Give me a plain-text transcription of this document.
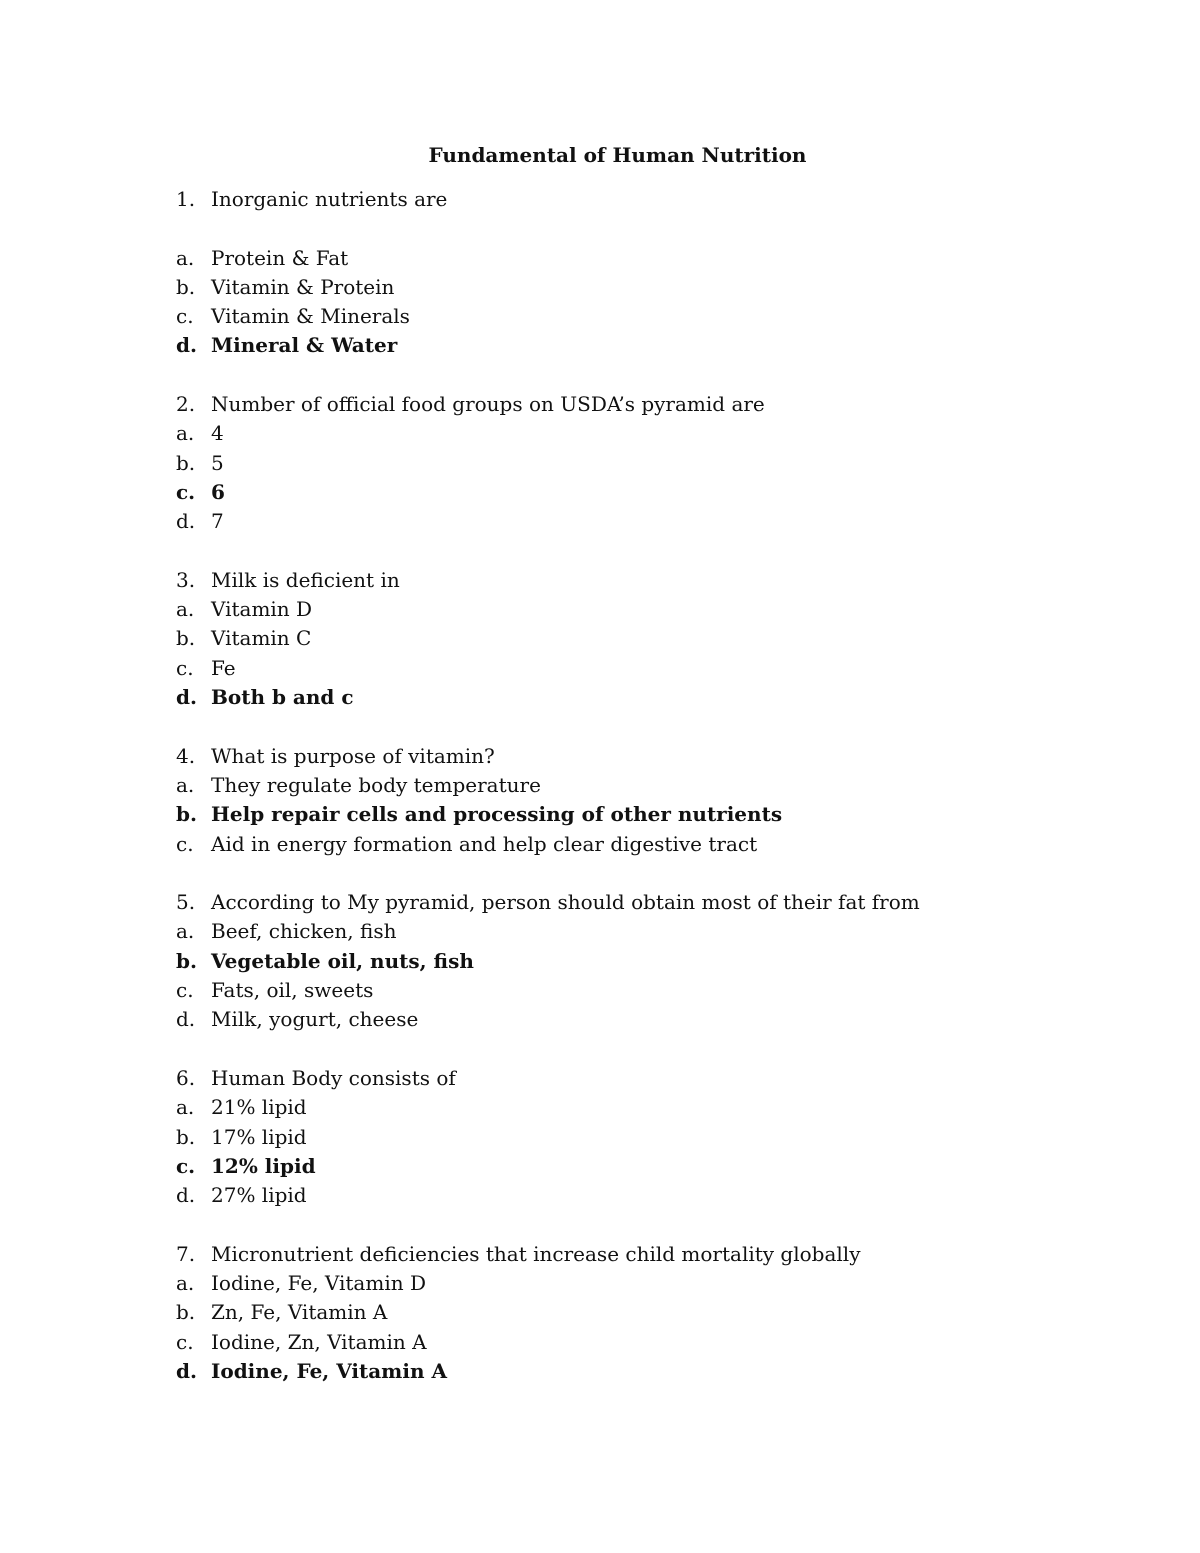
Fundamental of Human Nutrition
1. Inorganic nutrients are
a. Protein & Fat
b. Vitamin & Protein
c. Vitamin & Minerals
d. Mineral & Water
2. Number of official food groups on USDA’s pyramid are
a. 4
b. 5
c. 6
d. 7
3. Milk is deficient in
a. Vitamin D
b. Vitamin C
c. Fe
d. Both b and c
4. What is purpose of vitamin?
a. They regulate body temperature
b. Help repair cells and processing of other nutrients
c. Aid in energy formation and help clear digestive tract
5. According to My pyramid, person should obtain most of their fat from
a. Beef, chicken, fish
b. Vegetable oil, nuts, fish
c. Fats, oil, sweets
d. Milk, yogurt, cheese
6. Human Body consists of
a. 21% lipid
b. 17% lipid
c. 12% lipid
d. 27% lipid
7. Micronutrient deficiencies that increase child mortality globally
a. Iodine, Fe, Vitamin D
b. Zn, Fe, Vitamin A
c. Iodine, Zn, Vitamin A
d. Iodine, Fe, Vitamin A
